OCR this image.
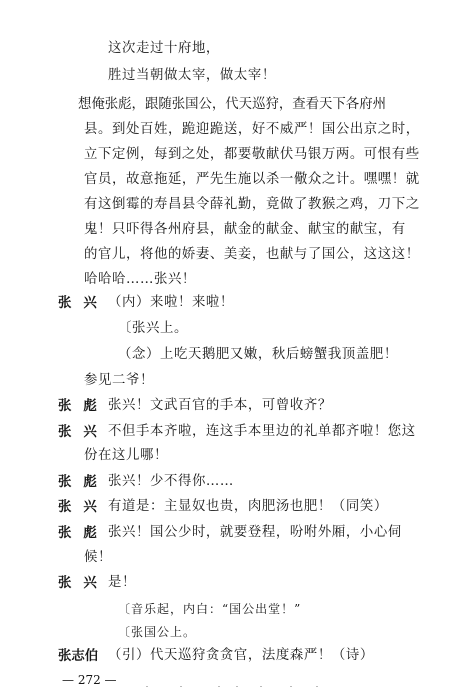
这次走过十府地，
胜过当朝做太宰，做太宰！
想俺张彪，跟随张国公，代天巡狩，查看天下各府州
县。到处百姓，跪迎跪送，好不威严！国公出京之时，
立下定例，每到之处，都要敬献伏马银万两。可恨有些
官员，故意拖延，严先生施以杀一儆众之计。嘿嘿！就
有这倒霉的寿昌县令薛礼勤，竟做了教猴之鸡，刀下之
鬼！只吓得各州府县，献金的献金、献宝的献宝，有
的官儿，将他的娇妻、美妾，也献与了国公，这这这！
哈哈哈……张兴！
张兴 （内）来啦！来啦！
〔张兴上。
（念）上吃天鹅肥又嫩，秋后螃蟹我顶盖肥！
参见二爷！
张彪 张兴！文武百官的手本，可曾收齐？
张兴 不但手本齐啦，连这手本里边的礼单都齐啦！您这
份在这儿哪！
张彪 张兴！少不得你……
张兴 有道是：主显奴也贵，肉肥汤也肥！（同笑）
张彪 张兴！国公少时，就要登程，吩咐外厢，小心伺
候！
张兴 是！
— 272 —
〔音乐起，内白：“国公出堂！”
〔张国公上。
张志伯 （引）代天巡狩贪贪官，法度森严！（诗）
